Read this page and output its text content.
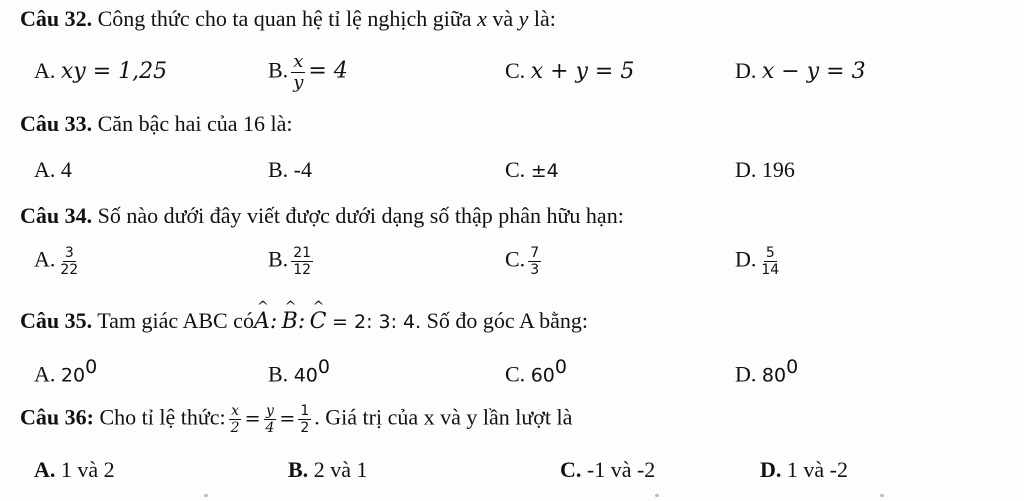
Câu 32. Công thức cho ta quan hệ tỉ lệ nghịch giữa x và y là:
A. xy = 1,25	B. $\frac{x}{y} = 4$	C. x + y = 5	D. x − y = 3
Câu 33. Căn bậc hai của 16 là:
A. 4	B. -4	C. ±4	D. 196
Câu 34. Số nào dưới đây viết được dưới dạng số thập phân hữu hạn:
A. $\frac{3}{22}$	B. $\frac{21}{12}$	C. $\frac{7}{3}$	D. $\frac{5}{14}$
Câu 35. Tam giác ABC có^ A:  ^ B:  ^ C = 2: 3: 4. Số đo góc A bằng:
A. $20^0$	B. $40^0$	C. $60^0$	D. $80^0$
Câu 36: Cho tỉ lệ thức: $\frac{x}{2} = \frac{y}{4} = \frac{1}{2}$ . Giá trị của x và y lần lượt là
A. 1 và 2	B. 2 và 1	C. -1 và -2	D. 1 và -2
